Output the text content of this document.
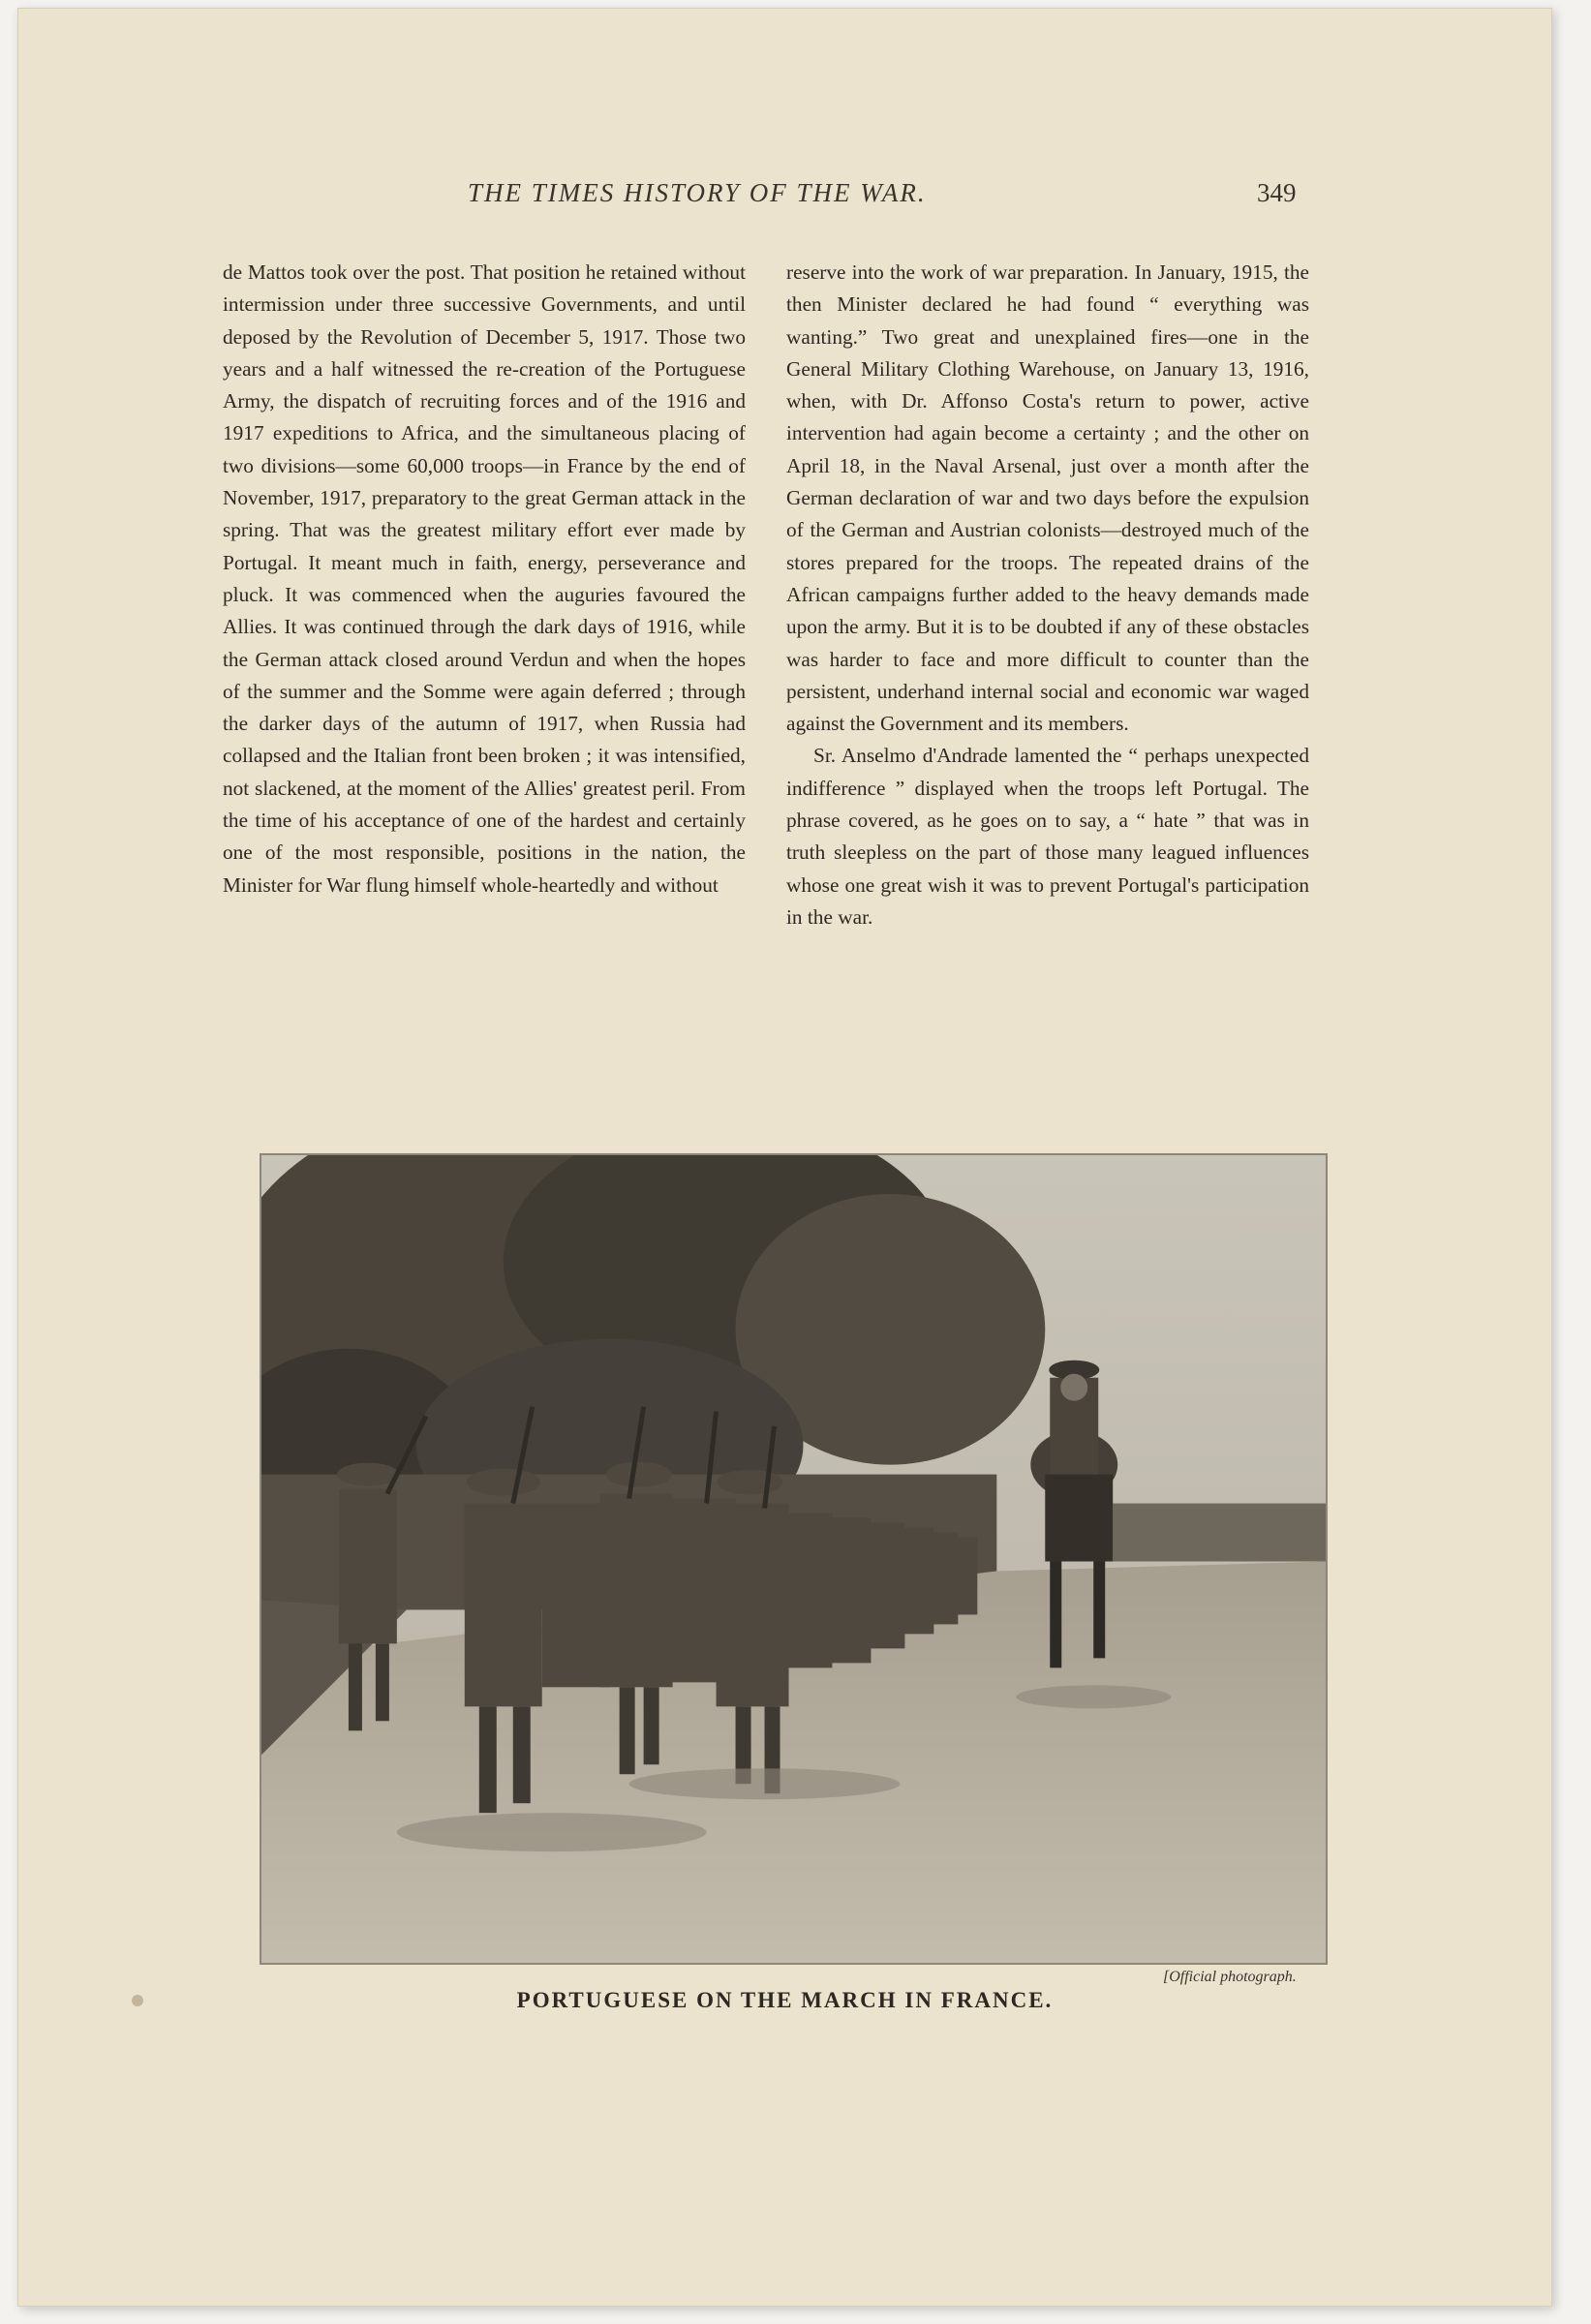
THE TIMES HISTORY OF THE WAR.	349

de Mattos took over the post. That position he retained without intermission under three successive Governments, and until deposed by the Revolution of December 5, 1917. Those two years and a half witnessed the re-creation of the Portuguese Army, the dispatch of recruiting forces and of the 1916 and 1917 expeditions to Africa, and the simultaneous placing of two divisions—some 60,000 troops—in France by the end of November, 1917, preparatory to the great German attack in the spring. That was the greatest military effort ever made by Portugal. It meant much in faith, energy, perseverance and pluck. It was commenced when the auguries favoured the Allies. It was continued through the dark days of 1916, while the German attack closed around Verdun and when the hopes of the summer and the Somme were again deferred ; through the darker days of the autumn of 1917, when Russia had collapsed and the Italian front been broken ; it was intensified, not slackened, at the moment of the Allies' greatest peril. From the time of his acceptance of one of the hardest and certainly one of the most responsible, positions in the nation, the Minister for War flung himself whole-heartedly and without

reserve into the work of war preparation. In January, 1915, the then Minister declared he had found “ everything was wanting.” Two great and unexplained fires—one in the General Military Clothing Warehouse, on January 13, 1916, when, with Dr. Affonso Costa's return to power, active intervention had again become a certainty ; and the other on April 18, in the Naval Arsenal, just over a month after the German declaration of war and two days before the expulsion of the German and Austrian colonists—destroyed much of the stores prepared for the troops. The repeated drains of the African campaigns further added to the heavy demands made upon the army. But it is to be doubted if any of these obstacles was harder to face and more difficult to counter than the persistent, underhand internal social and economic war waged against the Government and its members.

Sr. Anselmo d'Andrade lamented the “ perhaps unexpected indifference ” displayed when the troops left Portugal. The phrase covered, as he goes on to say, a “ hate ” that was in truth sleepless on the part of those many leagued influences whose one great wish it was to prevent Portugal's participation in the war.

[Official photograph.
PORTUGUESE ON THE MARCH IN FRANCE.
